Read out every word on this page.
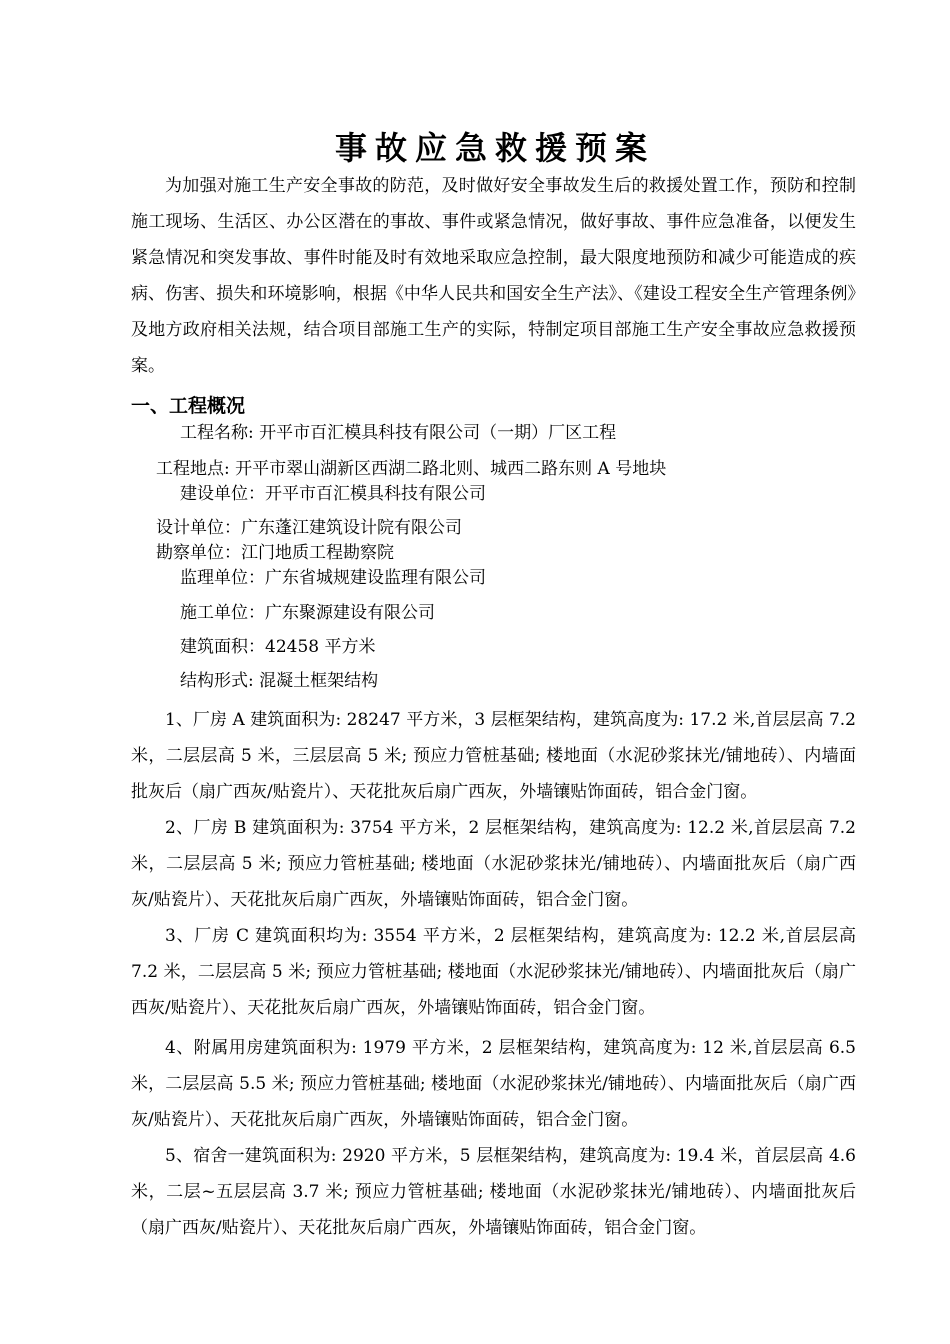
事故应急救援预案

为加强对施工生产安全事故的防范，及时做好安全事故发生后的救援处置工作，预防和控制施工现场、生活区、办公区潜在的事故、事件或紧急情况，做好事故、事件应急准备，以便发生紧急情况和突发事故、事件时能及时有效地采取应急控制，最大限度地预防和减少可能造成的疾病、伤害、损失和环境影响，根据《中华人民共和国安全生产法》、《建设工程安全生产管理条例》及地方政府相关法规，结合项目部施工生产的实际，特制定项目部施工生产安全事故应急救援预案。

一、工程概况
工程名称: 开平市百汇模具科技有限公司（一期）厂区工程
工程地点: 开平市翠山湖新区西湖二路北则、城西二路东则 A 号地块
建设单位：开平市百汇模具科技有限公司
设计单位：广东蓬江建筑设计院有限公司
勘察单位：江门地质工程勘察院
监理单位：广东省城规建设监理有限公司
施工单位：广东聚源建设有限公司
建筑面积：42458 平方米
结构形式: 混凝土框架结构

1、厂房 A 建筑面积为: 28247 平方米，3 层框架结构，建筑高度为: 17.2 米,首层层高 7.2 米，二层层高 5 米，三层层高 5 米; 预应力管桩基础; 楼地面（水泥砂浆抹光/铺地砖）、内墙面批灰后（扇广西灰/贴瓷片）、天花批灰后扇广西灰，外墙镶贴饰面砖，铝合金门窗。

2、厂房 B 建筑面积为: 3754 平方米，2 层框架结构，建筑高度为: 12.2 米,首层层高 7.2 米，二层层高 5 米; 预应力管桩基础; 楼地面（水泥砂浆抹光/铺地砖）、内墙面批灰后（扇广西灰/贴瓷片）、天花批灰后扇广西灰，外墙镶贴饰面砖，铝合金门窗。

3、厂房 C 建筑面积均为: 3554 平方米，2 层框架结构，建筑高度为: 12.2 米,首层层高 7.2 米，二层层高 5 米; 预应力管桩基础; 楼地面（水泥砂浆抹光/铺地砖）、内墙面批灰后（扇广西灰/贴瓷片）、天花批灰后扇广西灰，外墙镶贴饰面砖，铝合金门窗。

4、附属用房建筑面积为: 1979 平方米，2 层框架结构，建筑高度为: 12 米,首层层高 6.5 米，二层层高 5.5 米; 预应力管桩基础; 楼地面（水泥砂浆抹光/铺地砖）、内墙面批灰后（扇广西灰/贴瓷片）、天花批灰后扇广西灰，外墙镶贴饰面砖，铝合金门窗。

5、宿舍一建筑面积为: 2920 平方米，5 层框架结构，建筑高度为: 19.4 米，首层层高 4.6 米，二层~五层层高 3.7 米; 预应力管桩基础; 楼地面（水泥砂浆抹光/铺地砖）、内墙面批灰后（扇广西灰/贴瓷片）、天花批灰后扇广西灰，外墙镶贴饰面砖，铝合金门窗。
